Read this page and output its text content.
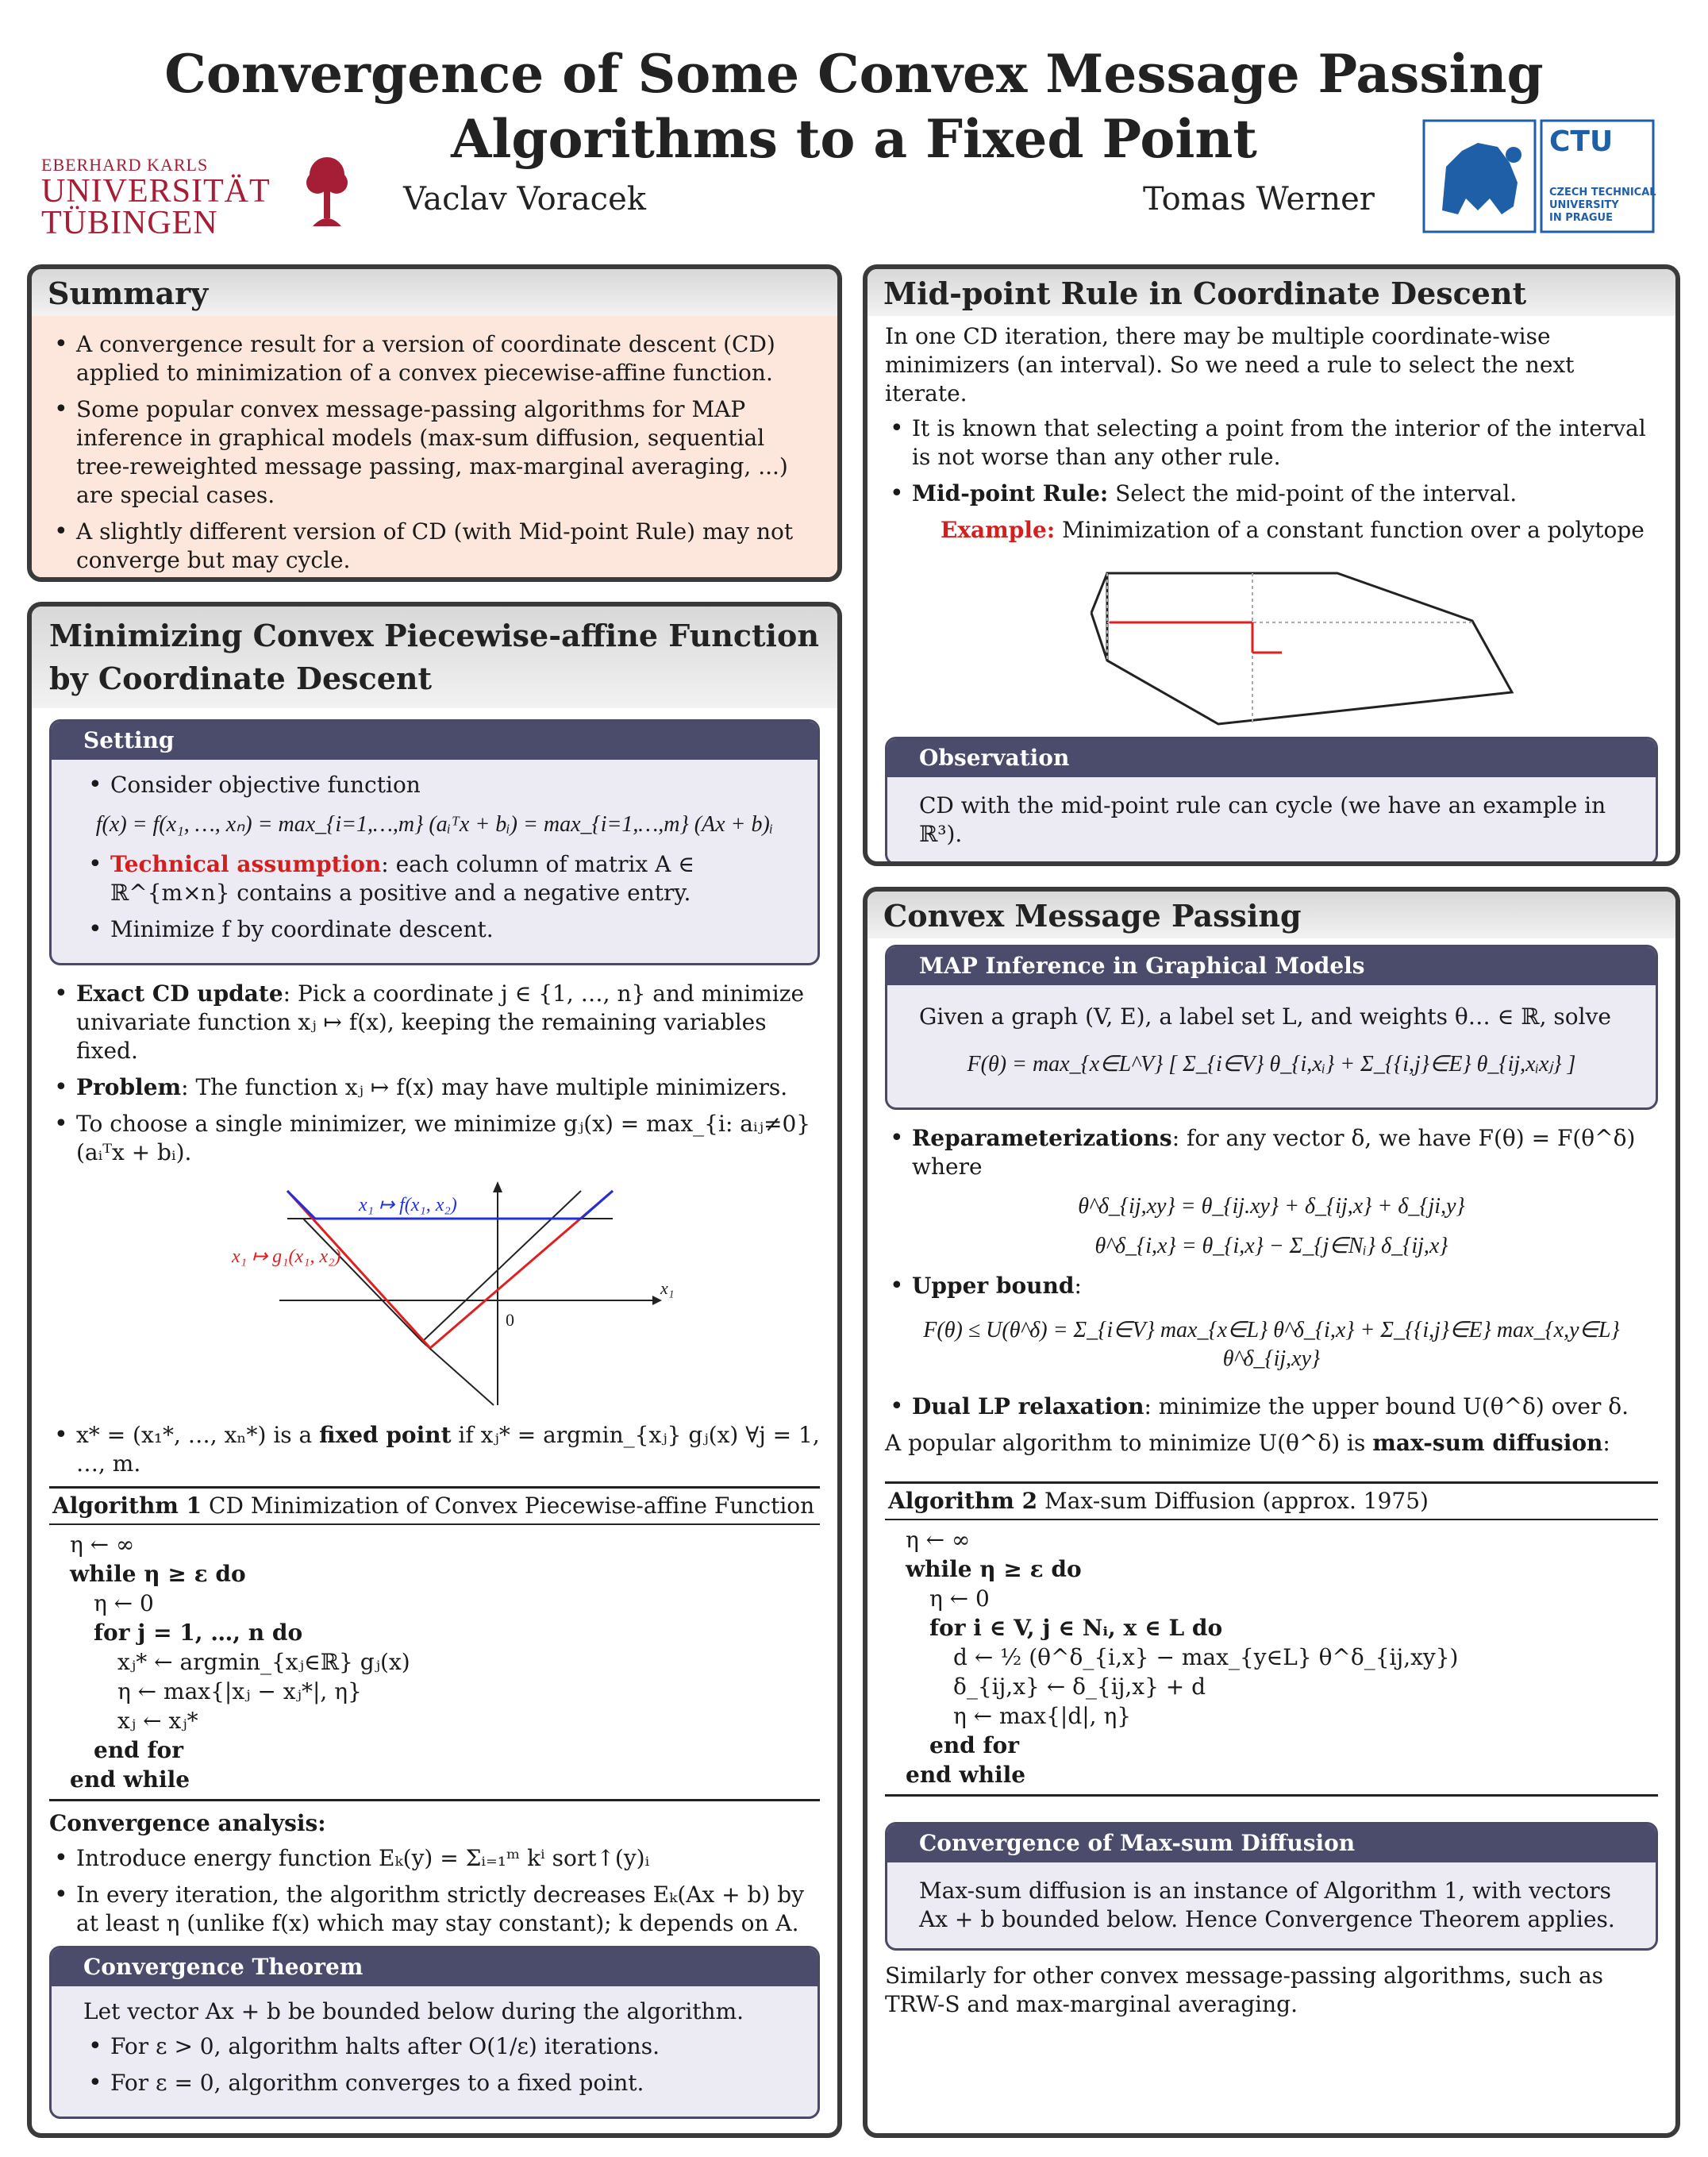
Convergence of Some Convex Message Passing
Algorithms to a Fixed Point
EBERHARD KARLS
UNIVERSITÄT
TÜBINGEN
Vaclav Voracek	Tomas Werner
CTU
CZECH TECHNICAL
UNIVERSITY
IN PRAGUE
Summary
• A convergence result for a version of coordinate descent (CD) applied to minimization of a convex piecewise-affine function.
• Some popular convex message-passing algorithms for MAP inference in graphical models (max-sum diffusion, sequential tree-reweighted message passing, max-marginal averaging, ...) are special cases.
• A slightly different version of CD (with Mid-point Rule) may not converge but may cycle.
Minimizing Convex Piecewise-affine Function
by Coordinate Descent
Setting
• Consider objective function
f(x) = f(x₁, …, xₙ) = max_{i=1,…,m} (aᵢᵀx + bᵢ) = max_{i=1,…,m} (Ax + b)ᵢ
• Technical assumption: each column of matrix A ∈ ℝ^{m×n} contains a positive and a negative entry.
• Minimize f by coordinate descent.
• Exact CD update: Pick a coordinate j ∈ {1, …, n} and minimize univariate function xⱼ ↦ f(x), keeping the remaining variables fixed.
• Problem: The function xⱼ ↦ f(x) may have multiple minimizers.
• To choose a single minimizer, we minimize gⱼ(x) = max_{i: aᵢⱼ≠0} (aᵢᵀx + bᵢ).
x₁ ↦ f(x₁, x₂)
x₁ ↦ g₁(x₁, x₂)
x₁
0
• x* = (x₁*, …, xₙ*) is a fixed point if xⱼ* = argmin_{xⱼ} gⱼ(x) ∀j = 1, …, m.
Algorithm 1 CD Minimization of Convex Piecewise-affine Function
η ← ∞
while η ≥ ε do
η ← 0
for j = 1, …, n do
xⱼ* ← argmin_{xⱼ∈ℝ} gⱼ(x)
η ← max{|xⱼ − xⱼ*|, η}
xⱼ ← xⱼ*
end for
end while
Convergence analysis:
• Introduce energy function Eₖ(y) = Σᵢ₌₁ᵐ kⁱ sort↑(y)ᵢ
• In every iteration, the algorithm strictly decreases Eₖ(Ax + b) by at least η (unlike f(x) which may stay constant); k depends on A.
Convergence Theorem
Let vector Ax + b be bounded below during the algorithm.
• For ε > 0, algorithm halts after O(1/ε) iterations.
• For ε = 0, algorithm converges to a fixed point.
Mid-point Rule in Coordinate Descent
In one CD iteration, there may be multiple coordinate-wise minimizers (an interval). So we need a rule to select the next iterate.
• It is known that selecting a point from the interior of the interval is not worse than any other rule.
• Mid-point Rule: Select the mid-point of the interval.
Example: Minimization of a constant function over a polytope
Observation
CD with the mid-point rule can cycle (we have an example in ℝ³).
Convex Message Passing
MAP Inference in Graphical Models
Given a graph (V, E), a label set L, and weights θ… ∈ ℝ, solve
F(θ) = max_{x∈L^V} [ Σ_{i∈V} θ_{i,xᵢ} + Σ_{{i,j}∈E} θ_{ij,xᵢxⱼ} ]
• Reparameterizations: for any vector δ, we have F(θ) = F(θ^δ) where
θ^δ_{ij,xy} = θ_{ij.xy} + δ_{ij,x} + δ_{ji,y}
θ^δ_{i,x} = θ_{i,x} − Σ_{j∈Nᵢ} δ_{ij,x}
• Upper bound:
F(θ) ≤ U(θ^δ) = Σ_{i∈V} max_{x∈L} θ^δ_{i,x} + Σ_{{i,j}∈E} max_{x,y∈L} θ^δ_{ij,xy}
• Dual LP relaxation: minimize the upper bound U(θ^δ) over δ.
A popular algorithm to minimize U(θ^δ) is max-sum diffusion:
Algorithm 2 Max-sum Diffusion (approx. 1975)
η ← ∞
while η ≥ ε do
η ← 0
for i ∈ V, j ∈ Nᵢ, x ∈ L do
d ← ½ (θ^δ_{i,x} − max_{y∈L} θ^δ_{ij,xy})
δ_{ij,x} ← δ_{ij,x} + d
η ← max{|d|, η}
end for
end while
Convergence of Max-sum Diffusion
Max-sum diffusion is an instance of Algorithm 1, with vectors Ax + b bounded below. Hence Convergence Theorem applies.
Similarly for other convex message-passing algorithms, such as TRW-S and max-marginal averaging.
